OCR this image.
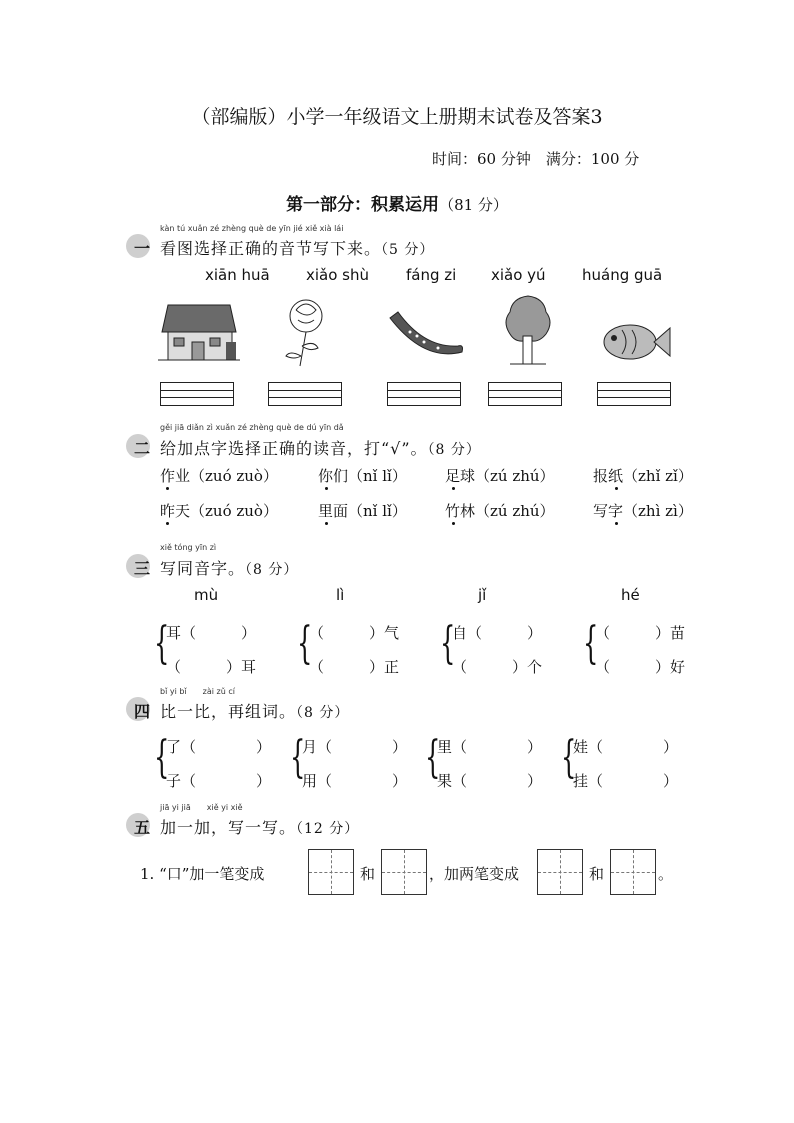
（部编版）小学一年级语文上册期末试卷及答案3
时间：60 分钟　满分：100 分
第一部分：积累运用（81 分）
kàn tú xuǎn zé zhèng què de yīn jié xiě xià lái
一 看图选择正确的音节写下来。（5 分）
xiān huā xiǎo shù fáng zi xiǎo yú huáng guā
gěi jiā diǎn zì xuǎn zé zhèng què de dú yīn dǎ
二 给加点字选择正确的读音，打“√”。（8 分）
作业（zuó zuò）	你们（nǐ lǐ）	足球（zú zhú）	报纸（zhǐ zǐ）
昨天（zuó zuò）	里面（nǐ lǐ）	竹林（zú zhú）	写字（zhì zì）
xiě tóng yīn zì
三 写同音字。（8 分）
mù	lì	jǐ	hé
{	{	{	{
耳（　　　）	（　　　）气	自（　　　）	（　　　）苗
（　　　）耳	（　　　）正	（　　　）个	（　　　）好
bǐ yi bǐ　　zài zǔ cí
四 比一比，再组词。（8 分）
{	{	{	{
了（　　　　） 月（　　　　） 里（　　　　） 娃（　　　　）
子（　　　　） 用（　　　　） 果（　　　　） 挂（　　　　）
jiā yi jiā　　xiě yi xiě
五 加一加，写一写。（12 分）
1. “口”加一笔变成	和	，加两笔变成	和	。
